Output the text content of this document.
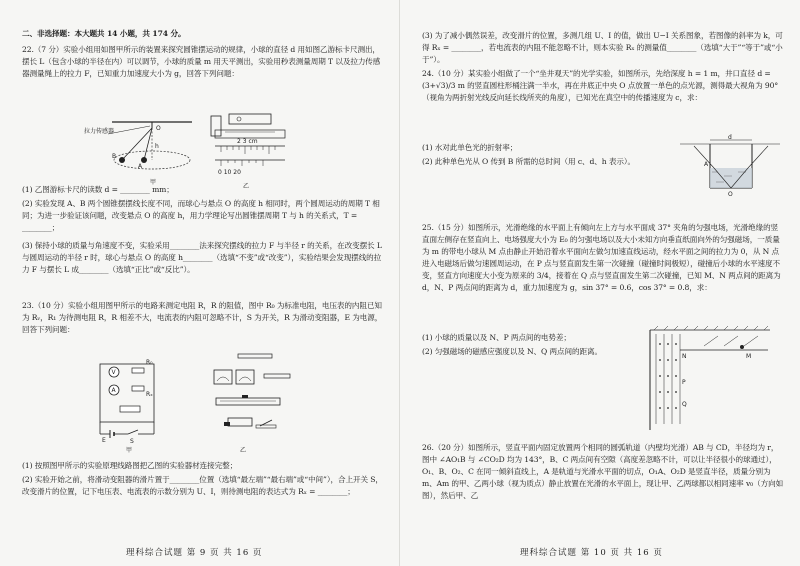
二、非选择题：本大题共 14 小题，共 174 分。
22.（7 分）实验小组用如图甲所示的装置来探究圆锥摆运动的规律，小球的直径 d 用如图乙游标卡尺测出，摆长 L（包含小球的半径在内）可以调节，小球的质量 m 用天平测出，实验用秒表测量周期 T 以及拉力传感器测量绳上的拉力 F，已知重力加速度大小为 g，回答下列问题：
拉力传感器	O
B
A
h
甲
2 3 cm
0 10 20
乙
(1) 乙图游标卡尺的读数 d = ________ mm；
(2) 实验发现 A、B 两个圆锥摆摆线长度不同，而球心与悬点 O 的高度 h 相同时，两个圆周运动的周期 T 相同；为进一步验证该问题，改变悬点 O 的高度 h，用力学理论写出圆锥摆周期 T 与 h 的关系式，T = ________；
(3) 保持小球的质量与角速度不变，实验采用________法来探究摆线的拉力 F 与半径 r 的关系，在改变摆长 L 与圆周运动的半径 r 时，球心与悬点 O 的高度 h________（选填“不变”或“改变”），实验结果会发现摆线的拉力 F 与摆长 L 成________（选填“正比”或“反比”）。
23.（10 分）实验小组用图甲所示的电路来测定电阻 R，R 的阻值，图中 R₀ 为标准电阻，电压表的内阻已知为 Rᵥ，R₁ 为待测电阻 R，R 相差不大，电流表的内阻可忽略不计，S 为开关，R 为滑动变阻器，E 为电源，回答下列问题：
V
A
R₀
Rₓ
E	S
甲	乙
(1) 按照图甲所示的实验原理线路图把乙图的实验器材连接完整；
(2) 实验开始之前，将滑动变阻器的滑片置于________位置（选填“最左端”“最右端”或“中间”），合上开关 S，改变滑片的位置，记下电压表、电流表的示数分别为 U、I，则待测电阻的表达式为 Rₓ = ________；
理科综合试题 第 9 页 共 16 页
(3) 为了减小偶然误差，改变滑片的位置，多测几组 U、I 的值，做出 U−I 关系图象，若图像的斜率为 k，可得 Rₓ = ________，若电流表的内阻不能忽略不计，则本实验 Rₓ 的测量值________（选填“大于”“等于”或“小于”）。
24.（10 分）某实验小组做了一个“坐井观天”的光学实验，如图所示，先给深度 h = 1 m，井口直径 d = (3+√3)/3 m 的竖直圆柱形桶注满一半水，再在井底正中央 O 点放置一单色的点光源，测得最大视角为 90°（视角为两折射光线反向延长线所夹的角度），已知光在真空中的传播速度为 c，求：
(1) 水对此单色光的折射率；
(2) 此种单色光从 O 传到 B 所需的总时间（用 c、d、h 表示）。
d
A
O
25.（15 分）如图所示，光滑绝缘的水平面上有倾向左上方与水平面成 37° 夹角的匀强电场，光滑绝缘的竖直面左侧存在竖直向上、电场强度大小为 E₀ 的匀强电场以及大小未知方向垂直纸面向外的匀强磁场，一质量为 m 的带电小球从 M 点由静止开始沿着水平面向左做匀加速直线运动，经水平面之间的拉力为 0，从 N 点进入电磁场后做匀速圆周运动，在 P 点与竖直面发生第一次碰撞（碰撞时间极短），碰撞后小球的水平速度不变，竖直方向速度大小变为原来的 3/4，接着在 Q 点与竖直面发生第二次碰撞，已知 M、N 两点间的距离为 d，N、P 两点间的距离为 d，重力加速度为 g，sin 37° = 0.6，cos 37° = 0.8，求：
(1) 小球的质量以及 N、P 两点间的电势差；
(2) 匀强磁场的磁感应强度以及 N、Q 两点间的距离。
M
N
P
Q
26.（20 分）如图所示，竖直平面内固定放置两个相同的圆弧轨道（内壁均光滑）AB 与 CD，半径均为 r，图中 ∠AO₁B 与 ∠CO₂D 均为 143°，B、C 两点间有空隙（高度差忽略不计，可以让半径很小的球通过），O₁、B、O₂、C 在同一倾斜直线上，A 是轨道与光滑水平面的切点，O₁A、O₂D 是竖直半径，质量分别为 m、Am 的甲、乙两小球（视为质点）静止放置在光滑的水平面上，现让甲、乙两球都以相同速率 v₀（方向如图），然后甲、乙
理科综合试题 第 10 页 共 16 页
